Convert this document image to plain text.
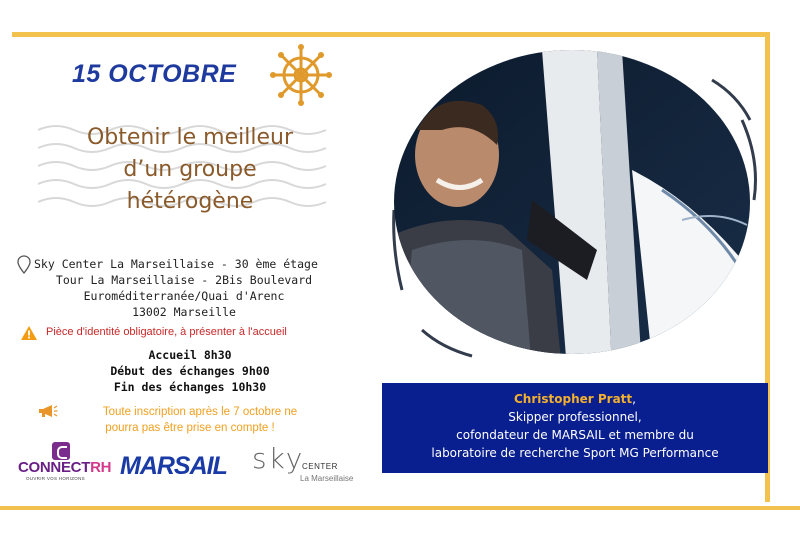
15 OCTOBRE
Obtenir le meilleur
d’un groupe
hétérogène
Sky Center La Marseillaise - 30 ème étage
Tour La Marseillaise - 2Bis Boulevard
Euroméditerranée/Quai d'Arenc
13002 Marseille
Pièce d'identité obligatoire, à présenter à l'accueil
Accueil 8h30
Début des échanges 9h00
Fin des échanges 10h30
Toute inscription après le 7 octobre ne
pourra pas être prise en compte !
CONNECTRH
OUVRIR VOS HORIZONS MARSAIL sky
CENTER
La Marseillaise
Christopher Pratt,
Skipper professionnel,
cofondateur de MARSAIL et membre du
laboratoire de recherche Sport MG Performance
